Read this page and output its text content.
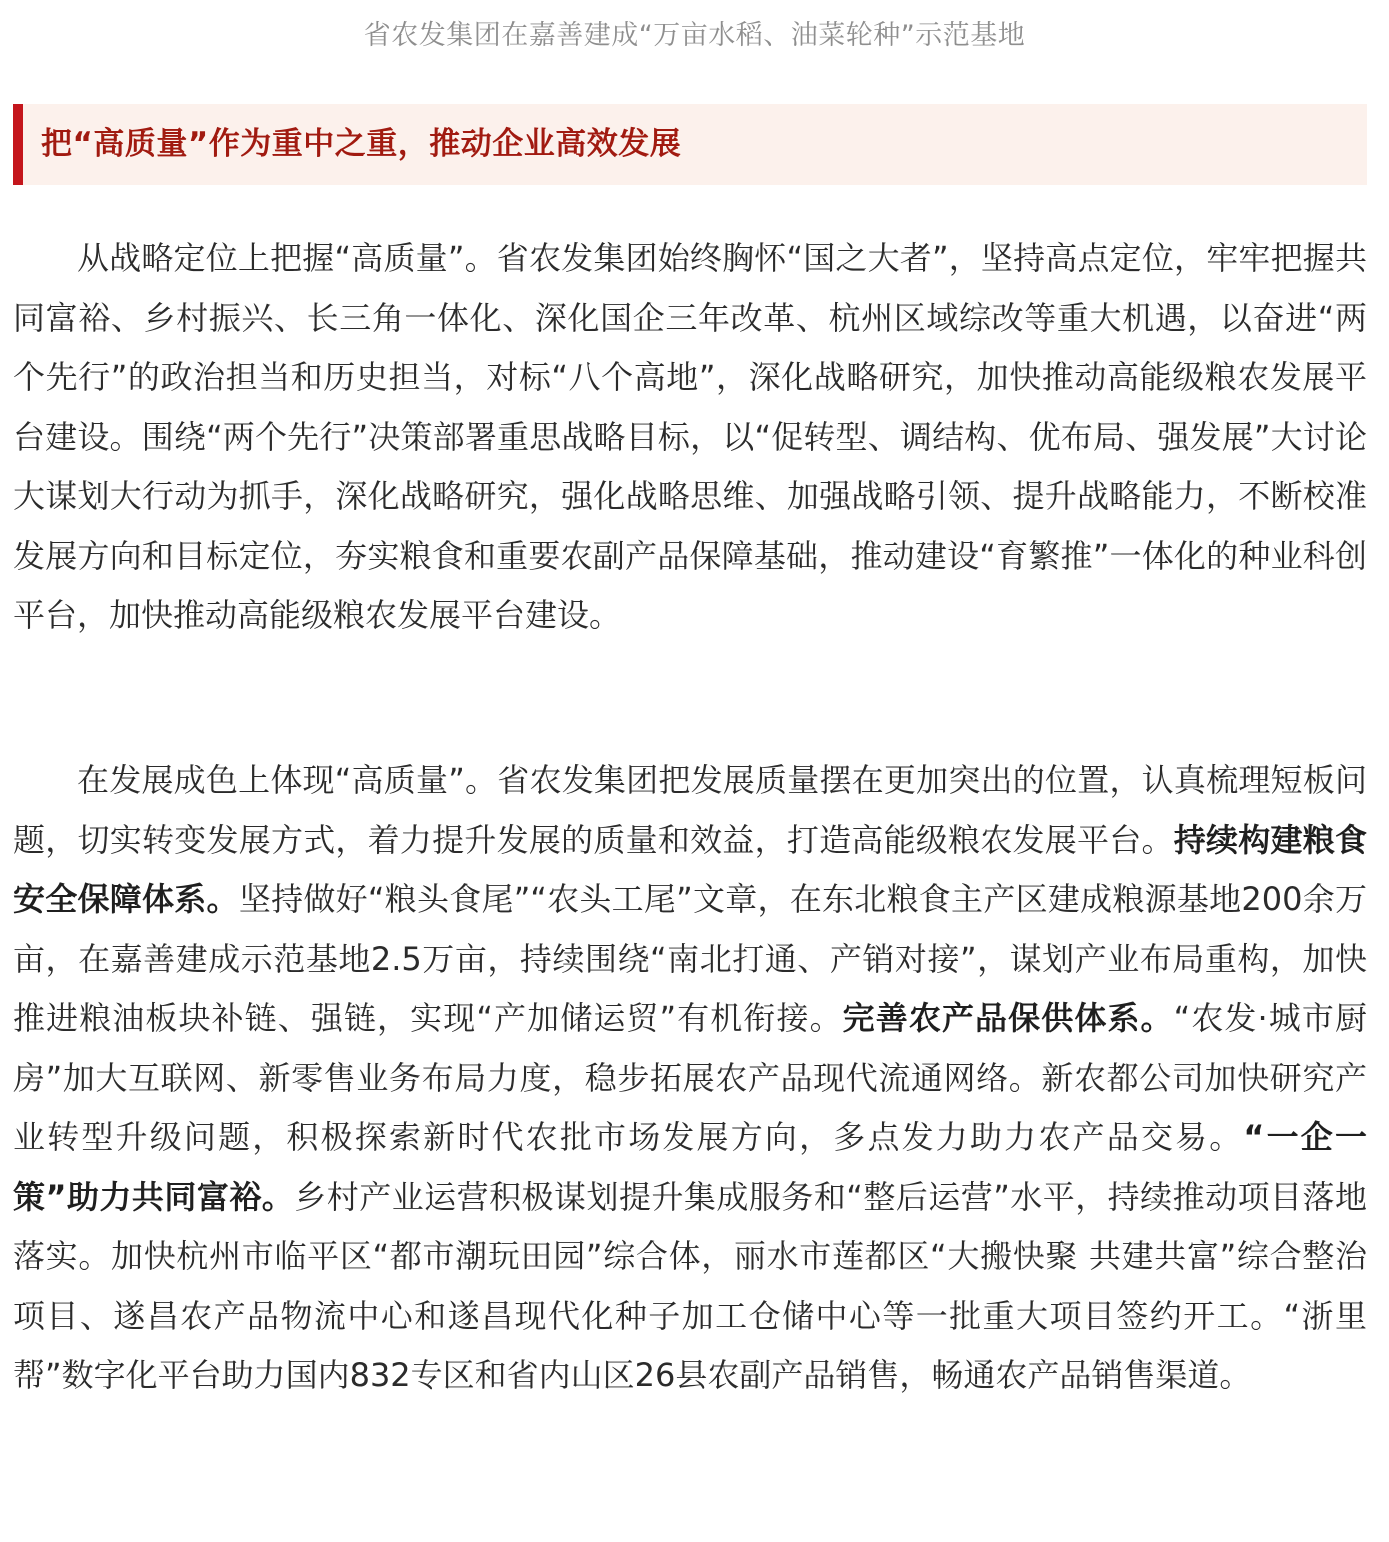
省农发集团在嘉善建成“万亩水稻、油菜轮种”示范基地
把“高质量”作为重中之重，推动企业高效发展

从战略定位上把握“高质量”。省农发集团始终胸怀“国之大者”，坚持高点定位，牢牢把握共同富裕、乡村振兴、长三角一体化、深化国企三年改革、杭州区域综改等重大机遇，以奋进“两个先行”的政治担当和历史担当，对标“八个高地”，深化战略研究，加快推动高能级粮农发展平台建设。围绕“两个先行”决策部署重思战略目标，以“促转型、调结构、优布局、强发展”大讨论大谋划大行动为抓手，深化战略研究，强化战略思维、加强战略引领、提升战略能力，不断校准发展方向和目标定位，夯实粮食和重要农副产品保障基础，推动建设“育繁推”一体化的种业科创平台，加快推动高能级粮农发展平台建设。

在发展成色上体现“高质量”。省农发集团把发展质量摆在更加突出的位置，认真梳理短板问题，切实转变发展方式，着力提升发展的质量和效益，打造高能级粮农发展平台。持续构建粮食安全保障体系。坚持做好“粮头食尾”“农头工尾”文章，在东北粮食主产区建成粮源基地200余万亩，在嘉善建成示范基地2.5万亩，持续围绕“南北打通、产销对接”，谋划产业布局重构，加快推进粮油板块补链、强链，实现“产加储运贸”有机衔接。完善农产品保供体系。“农发·城市厨房”加大互联网、新零售业务布局力度，稳步拓展农产品现代流通网络。新农都公司加快研究产业转型升级问题，积极探索新时代农批市场发展方向，多点发力助力农产品交易。“一企一策”助力共同富裕。乡村产业运营积极谋划提升集成服务和“整后运营”水平，持续推动项目落地落实。加快杭州市临平区“都市潮玩田园”综合体，丽水市莲都区“大搬快聚 共建共富”综合整治项目、遂昌农产品物流中心和遂昌现代化种子加工仓储中心等一批重大项目签约开工。“浙里帮”数字化平台助力国内832专区和省内山区26县农副产品销售，畅通农产品销售渠道。
